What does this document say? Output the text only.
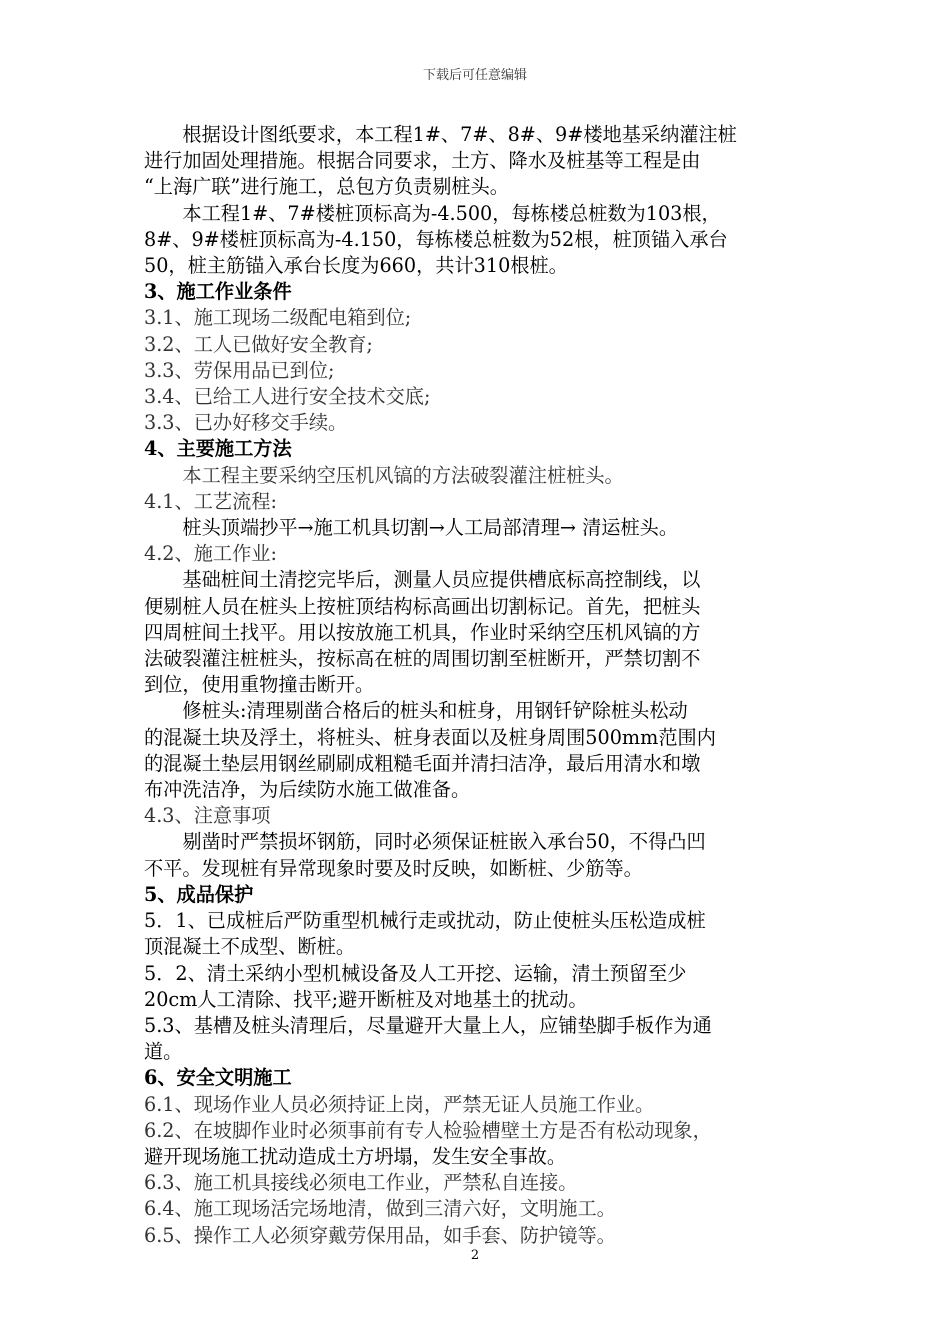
下载后可任意编辑

根据设计图纸要求，本工程1#、7#、8#、9#楼地基采纳灌注桩

进行加固处理措施。根据合同要求，土方、降水及桩基等工程是由

“上海广联”进行施工，总包方负责剔桩头。

本工程1#、7#楼桩顶标高为-4.500，每栋楼总桩数为103根，

8#、9#楼桩顶标高为-4.150，每栋楼总桩数为52根，桩顶锚入承台

50，桩主筋锚入承台长度为660，共计310根桩。

3、施工作业条件

3.1、施工现场二级配电箱到位;

3.2、工人已做好安全教育;

3.3、劳保用品已到位;

3.4、已给工人进行安全技术交底;

3.3、已办好移交手续。

4、主要施工方法

本工程主要采纳空压机风镐的方法破裂灌注桩桩头。

4.1、工艺流程:

桩头顶端抄平→施工机具切割→人工局部清理→ 清运桩头。

4.2、施工作业:

基础桩间土清挖完毕后，测量人员应提供槽底标高控制线，以

便剔桩人员在桩头上按桩顶结构标高画出切割标记。首先，把桩头

四周桩间土找平。用以按放施工机具，作业时采纳空压机风镐的方

法破裂灌注桩桩头，按标高在桩的周围切割至桩断开，严禁切割不

到位，使用重物撞击断开。

修桩头:清理剔凿合格后的桩头和桩身，用钢钎铲除桩头松动

的混凝土块及浮土，将桩头、桩身表面以及桩身周围500mm范围内

的混凝土垫层用钢丝刷刷成粗糙毛面并清扫洁净，最后用清水和墩

布冲洗洁净，为后续防水施工做准备。

4.3、注意事项

剔凿时严禁损坏钢筋，同时必须保证桩嵌入承台50，不得凸凹

不平。发现桩有异常现象时要及时反映，如断桩、少筋等。

5、成品保护

5．1、已成桩后严防重型机械行走或扰动，防止使桩头压松造成桩

顶混凝土不成型、断桩。

5．2、清土采纳小型机械设备及人工开挖、运输，清土预留至少

20cm人工清除、找平;避开断桩及对地基土的扰动。

5.3、基槽及桩头清理后，尽量避开大量上人，应铺垫脚手板作为通

道。

6、安全文明施工

6.1、现场作业人员必须持证上岗，严禁无证人员施工作业。

6.2、在坡脚作业时必须事前有专人检验槽壁土方是否有松动现象，

避开现场施工扰动造成土方坍塌，发生安全事故。

6.3、施工机具接线必须电工作业，严禁私自连接。

6.4、施工现场活完场地清，做到三清六好，文明施工。

6.5、操作工人必须穿戴劳保用品，如手套、防护镜等。

2
